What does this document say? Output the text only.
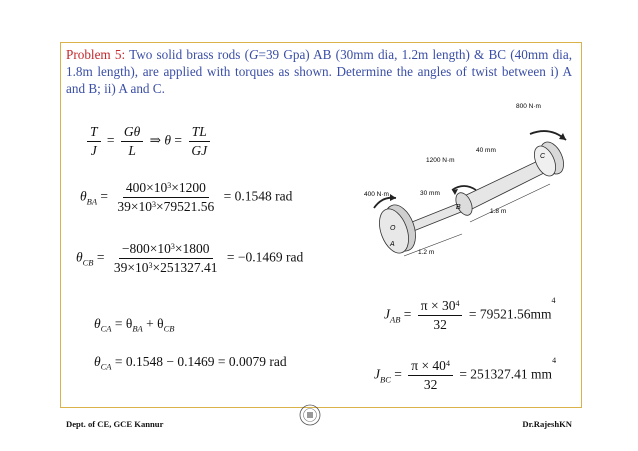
Problem 5: Two solid brass rods (G=39 Gpa) AB (30mm dia, 1.2m length) & BC (40mm dia, 1.8m length), are applied with torques as shown. Determine the angles of twist between i) A and B; ii) A and C.
$\frac{T}{J} = \frac{G\theta}{L}$ ⇒ $\theta = \frac{TL}{GJ}$
$\theta_{BA} = \frac{400\times 10^3\times 1200}{39\times 10^3\times 79521.56} = 0.1548$ rad
$\theta_{CB} = \frac{-800\times 10^3\times 1800}{39\times 10^3\times 251327.41} = -0.1469$ rad
$\theta_{CA} = \theta_{BA} + \theta_{CB}$
$\theta_{CA} = 0.1548 - 0.1469 = 0.0079$ rad
$J_{AB} = \frac{\pi \times 30^4}{32} = 79521.56mm^4$
$J_{BC} = \frac{\pi \times 40^4}{32} = 251327.41$ $mm^4$
800 N·m
1200 N·m
400 N·m
40 mm
30 mm
1.8 m
1.2 m
A
B
C
O
Dept. of CE, GCE Kannur	Dr.RajeshKN
